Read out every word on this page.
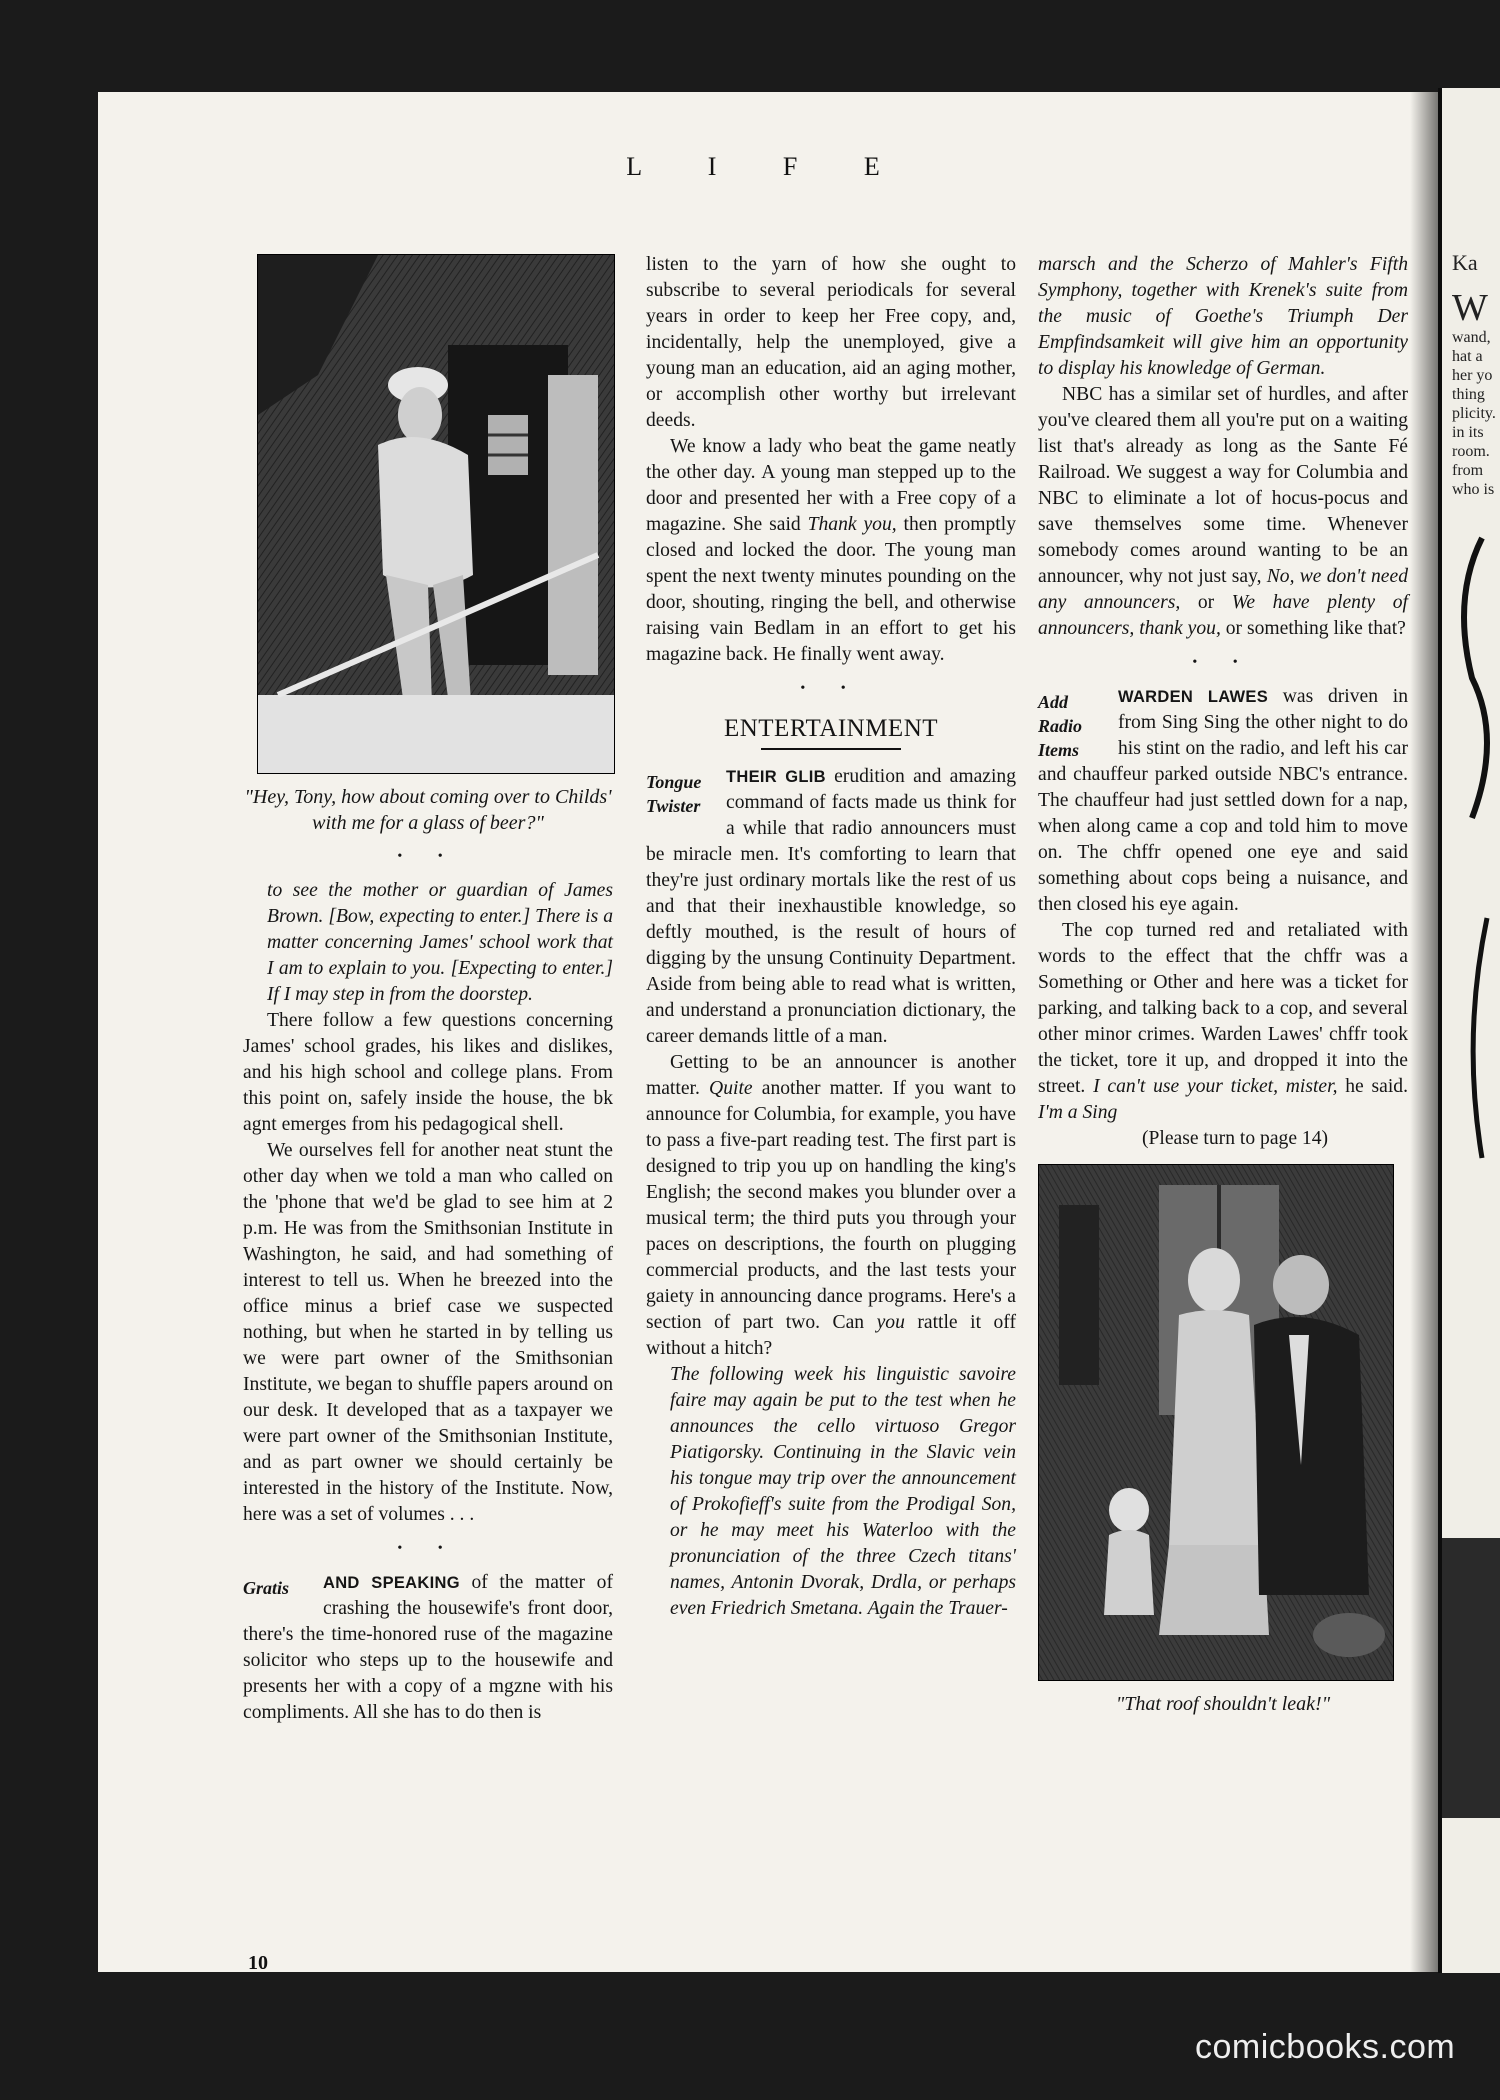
L I F E
"Hey, Tony, how about coming over to Childs' with me for a glass of beer?"
• •

to see the mother or guardian of James Brown. [Bow, expecting to enter.] There is a matter concerning James' school work that I am to explain to you. [Expecting to enter.] If I may step in from the doorstep.

There follow a few questions concerning James' school grades, his likes and dislikes, and his high school and college plans. From this point on, safely inside the house, the bk agnt emerges from his pedagogical shell.

We ourselves fell for another neat stunt the other day when we told a man who called on the 'phone that we'd be glad to see him at 2 p.m. He was from the Smithsonian Institute in Washington, he said, and had something of interest to tell us. When he breezed into the office minus a brief case we suspected nothing, but when he started in by telling us we were part owner of the Smithsonian Institute, we began to shuffle papers around on our desk. It developed that as a taxpayer we were part owner of the Smithsonian Institute, and as part owner we should certainly be interested in the history of the Institute. Now, here was a set of volumes . . .

• •

Gratis	AND SPEAKING of the matter of crashing the housewife's front door, there's the time-honored ruse of the magazine solicitor who steps up to the housewife and presents her with a copy of a mgzne with his compliments. All she has to do then is

listen to the yarn of how she ought to subscribe to several periodicals for several years in order to keep her Free copy, and, incidentally, help the unemployed, give a young man an education, aid an aging mother, or accomplish other worthy but irrelevant deeds.

We know a lady who beat the game neatly the other day. A young man stepped up to the door and presented her with a Free copy of a magazine. She said Thank you, then promptly closed and locked the door. The young man spent the next twenty minutes pounding on the door, shouting, ringing the bell, and otherwise raising vain Bedlam in an effort to get his magazine back. He finally went away.

• •
ENTERTAINMENT

Tongue
Twister
THEIR GLIB erudition and amazing command of facts made us think for a while that radio announcers must be miracle men. It's comforting to learn that they're just ordinary mortals like the rest of us and that their inexhaustible knowledge, so deftly mouthed, is the result of hours of digging by the unsung Continuity Department. Aside from being able to read what is written, and understand a pronunciation dictionary, the career demands little of a man.

Getting to be an announcer is another matter. Quite another matter. If you want to announce for Columbia, for example, you have to pass a five-part reading test. The first part is designed to trip you up on handling the king's English; the second makes you blunder over a musical term; the third puts you through your paces on descriptions, the fourth on plugging commercial products, and the last tests your gaiety in announcing dance programs. Here's a section of part two. Can you rattle it off without a hitch?

The following week his linguistic savoire faire may again be put to the test when he announces the cello virtuoso Gregor Piatigorsky. Continuing in the Slavic vein his tongue may trip over the announcement of Prokofieff's suite from the Prodigal Son, or he may meet his Waterloo with the pronunciation of the three Czech titans' names, Antonin Dvorak, Drdla, or perhaps even Friedrich Smetana. Again the Trauer-

marsch and the Scherzo of Mahler's Fifth Symphony, together with Krenek's suite from the music of Goethe's Triumph Der Empfindsamkeit will give him an opportunity to display his knowledge of German.

NBC has a similar set of hurdles, and after you've cleared them all you're put on a waiting list that's already as long as the Sante Fé Railroad. We suggest a way for Columbia and NBC to eliminate a lot of hocus-pocus and save themselves some time. Whenever somebody comes around wanting to be an announcer, why not just say, No, we don't need any announcers, or We have plenty of announcers, thank you, or something like that?

• •

Add
Radio
Items
WARDEN LAWES was driven in from Sing Sing the other night to do his stint on the radio, and left his car and chauffeur parked outside NBC's entrance. The chauffeur had just settled down for a nap, when along came a cop and told him to move on. The chffr opened one eye and said something about cops being a nuisance, and then closed his eye again.

The cop turned red and retaliated with words to the effect that the chffr was a Something or Other and here was a ticket for parking, and talking back to a cop, and several other minor crimes. Warden Lawes' chffr took the ticket, tore it up, and dropped it into the street. I can't use your ticket, mister, he said. I'm a Sing

(Please turn to page 14)

"That roof shouldn't leak!"
10
Ka
W
wand,
hat a
her yo
thing
plicity.
in its
room.
from
who is
comicbooks.com
